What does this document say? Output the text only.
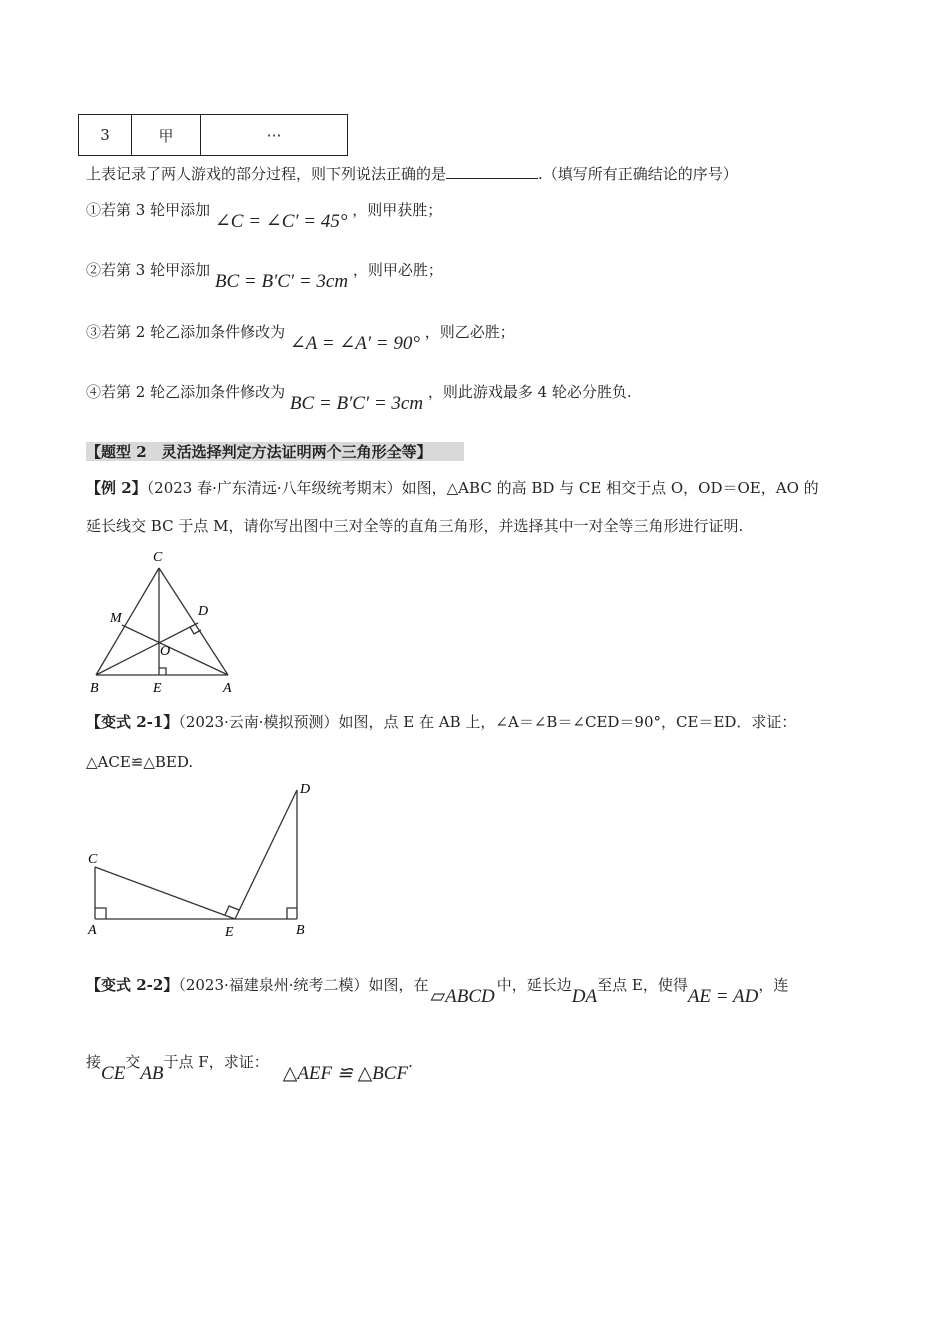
3	甲	⋯
上表记录了两人游戏的部分过程，则下列说法正确的是	.（填写所有正确结论的序号）
①若第 3 轮甲添加 ∠C = ∠C′ = 45° ，则甲获胜；
②若第 3 轮甲添加 BC = B′C′ = 3cm ，则甲必胜；
③若第 2 轮乙添加条件修改为 ∠A = ∠A′ = 90° ，则乙必胜；
④若第 2 轮乙添加条件修改为 BC = B′C′ = 3cm ，则此游戏最多 4 轮必分胜负.
【题型 2　灵活选择判定方法证明两个三角形全等】
【例 2】（2023 春·广东清远·八年级统考期末）如图，△ABC 的高 BD 与 CE 相交于点 O，OD＝OE，AO 的
延长线交 BC 于点 M，请你写出图中三对全等的直角三角形，并选择其中一对全等三角形进行证明.
C
M	D
O
B	E	A
【变式 2-1】（2023·云南·模拟预测）如图，点 E 在 AB 上，∠A＝∠B＝∠CED＝90°，CE＝ED．求证：
△ACE≌△BED.
D
C
A	E	B
【变式 2-2】（2023·福建泉州·统考二模）如图，在▱ABCD中，延长边DA至点 E，使得AE = AD，连
接CE交AB于点 F，求证：△AEF ≌ △BCF.
